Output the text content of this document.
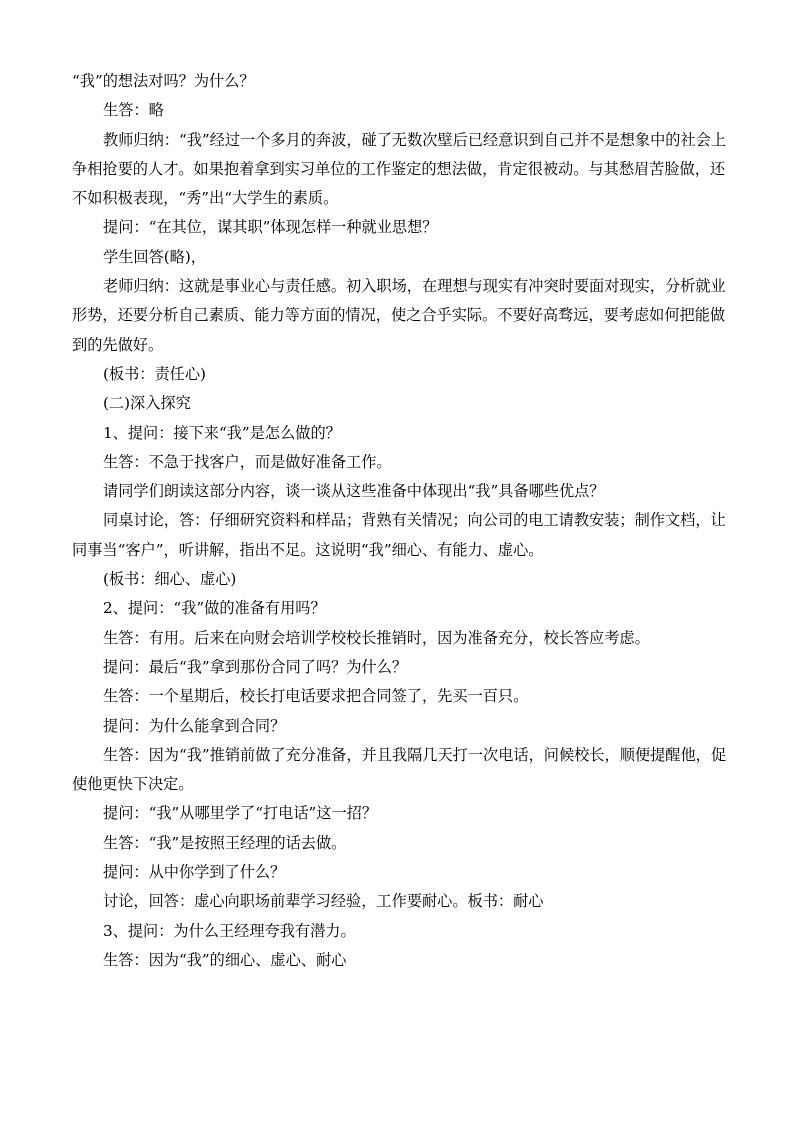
“我”的想法对吗？为什么？

生答：略

教师归纳：“我”经过一个多月的奔波，碰了无数次壁后已经意识到自己并不是想象中的社会上争相抢要的人才。如果抱着拿到实习单位的工作鉴定的想法做，肯定很被动。与其愁眉苦脸做，还不如积极表现，“秀”出“大学生的素质。

提问：“在其位，谋其职”体现怎样一种就业思想？

学生回答(略)，

老师归纳：这就是事业心与责任感。初入职场，在理想与现实有冲突时要面对现实，分析就业形势，还要分析自己素质、能力等方面的情况，使之合乎实际。不要好高骛远，要考虑如何把能做到的先做好。

(板书：责任心)

(二)深入探究

1、提问：接下来“我”是怎么做的？

生答：不急于找客户，而是做好准备工作。

请同学们朗读这部分内容，谈一谈从这些准备中体现出“我”具备哪些优点？

同桌讨论，答：仔细研究资料和样品；背熟有关情况；向公司的电工请教安装；制作文档，让同事当“客户”，听讲解，指出不足。这说明“我”细心、有能力、虚心。

(板书：细心、虚心)

2、提问：“我”做的准备有用吗？

生答：有用。后来在向财会培训学校校长推销时，因为准备充分，校长答应考虑。

提问：最后“我”拿到那份合同了吗？为什么？

生答：一个星期后，校长打电话要求把合同签了，先买一百只。

提问：为什么能拿到合同？

生答：因为“我”推销前做了充分准备，并且我隔几天打一次电话，问候校长，顺便提醒他，促使他更快下决定。

提问：“我”从哪里学了“打电话”这一招？

生答：“我”是按照王经理的话去做。

提问：从中你学到了什么？

讨论，回答：虚心向职场前辈学习经验，工作要耐心。板书：耐心

3、提问：为什么王经理夸我有潜力。

生答：因为“我”的细心、虚心、耐心
